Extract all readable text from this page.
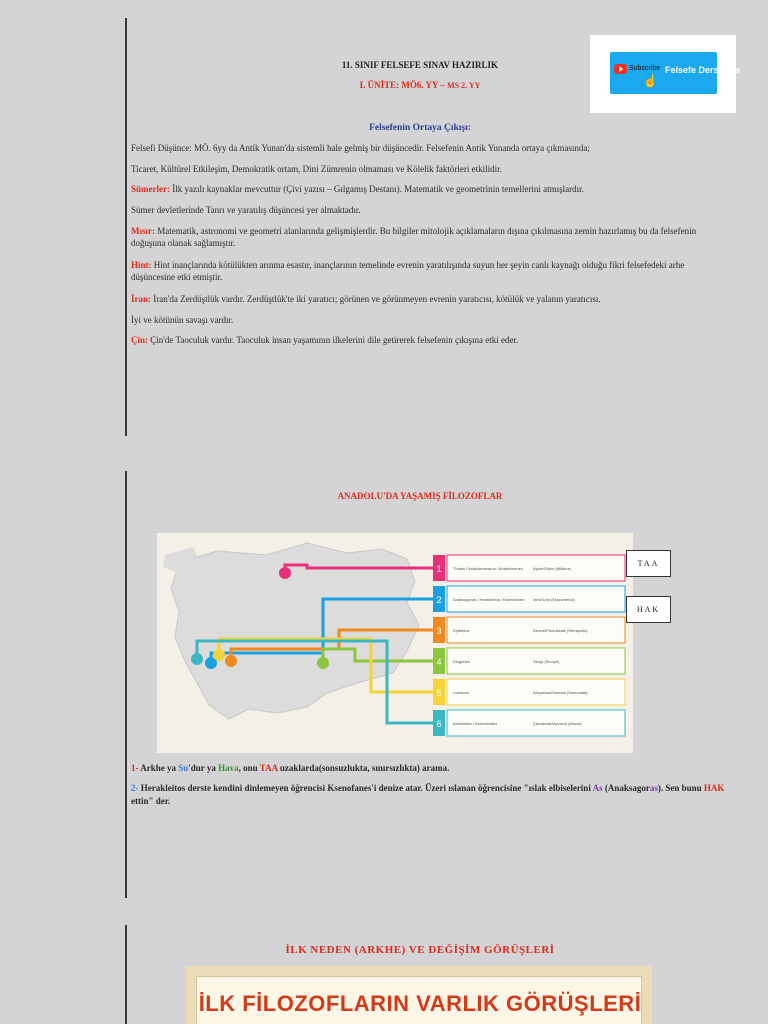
Subscribe
☝
Felsefe Derslerim
11. SINIF FELSEFE SINAV HAZIRLIK
I. ÜNİTE: MÖ6. YY – MS 2. YY
Felsefenin Ortaya Çıkışı:
Felsefi Düşünce: MÖ. 6yy da Antik Yunan'da sistemli hale gelmiş bir düşüncedir. Felsefenin Antik Yunanda ortaya çıkmasında;
Ticaret, Kültürel Etkileşim, Demokratik ortam, Dini Zümrenin olmaması ve Kölelik faktörleri etkilidir.
Sümerler: İlk yazılı kaynaklar mevcuttur (Çivi yazısı – Gılgamış Destanı). Matematik ve geometrinin temellerini atmışlardır.
Sümer devletlerinde Tanrı ve yaratılış düşüncesi yer almaktadır.
Mısır: Matematik, astronomi ve geometri alanlarında gelişmişlerdir. Bu bilgiler mitolojik açıklamaların dışına çıkılmasına zemin hazırlamış bu da felsefenin doğuşuna olanak sağlamıştır.
Hint: Hint inançlarında kötülükten arınma esastır, inançlarının temelinde evrenin yaratılışında suyun her şeyin canlı kaynağı olduğu fikri felsefedeki arhe düşüncesine etki etmiştir.
İran: İran'da Zerdüştlük vardır. Zerdüştlük'te iki yaratıcı; görünen ve görünmeyen evrenin yaratıcısı, kötülük ve yalanın yaratıcısı.
İyi ve kötünün savaşı vardır.
Çin: Çin'de Taoculuk vardır. Taoculuk insan yaşamının ilkelerini dile getirerek felsefenin çıkışına etki eder.
ANADOLU'DA YAŞAMIŞ FİLOZOFLAR
1	Thales / Anaksimandros / Anaksimenes	Aydın/Didim (Miletos)
2	Anaksagoras / Herakleitos / Ksenofanes İzmir/Urla (Klazomenai)
3	Epiktetos	Denizli/Pamukkale (Hierapolis)
4	Diogenes	Sinop (Sinope)
5	Lukianos	Adıyaman/Samsat (Samosata)
6	Aristoteles / Ksenokrates	Çanakkale/Ayvacık (Assos)
TAA
HAK
1- Arkhe ya Su'dur ya Hava, onu TAA uzaklarda(sonsuzlukta, sınırsızlıkta) arama.
2- Herakleitos derste kendini dinlemeyen öğrencisi Ksenofanes'i denize atar. Üzeri ıslanan öğrencisine "ıslak elbiselerini As (Anaksagoras). Sen bunu HAK ettin" der.
İLK NEDEN (ARKHE) VE DEĞİŞİM GÖRÜŞLERİ
İLK FİLOZOFLARIN VARLIK GÖRÜŞLERİ
